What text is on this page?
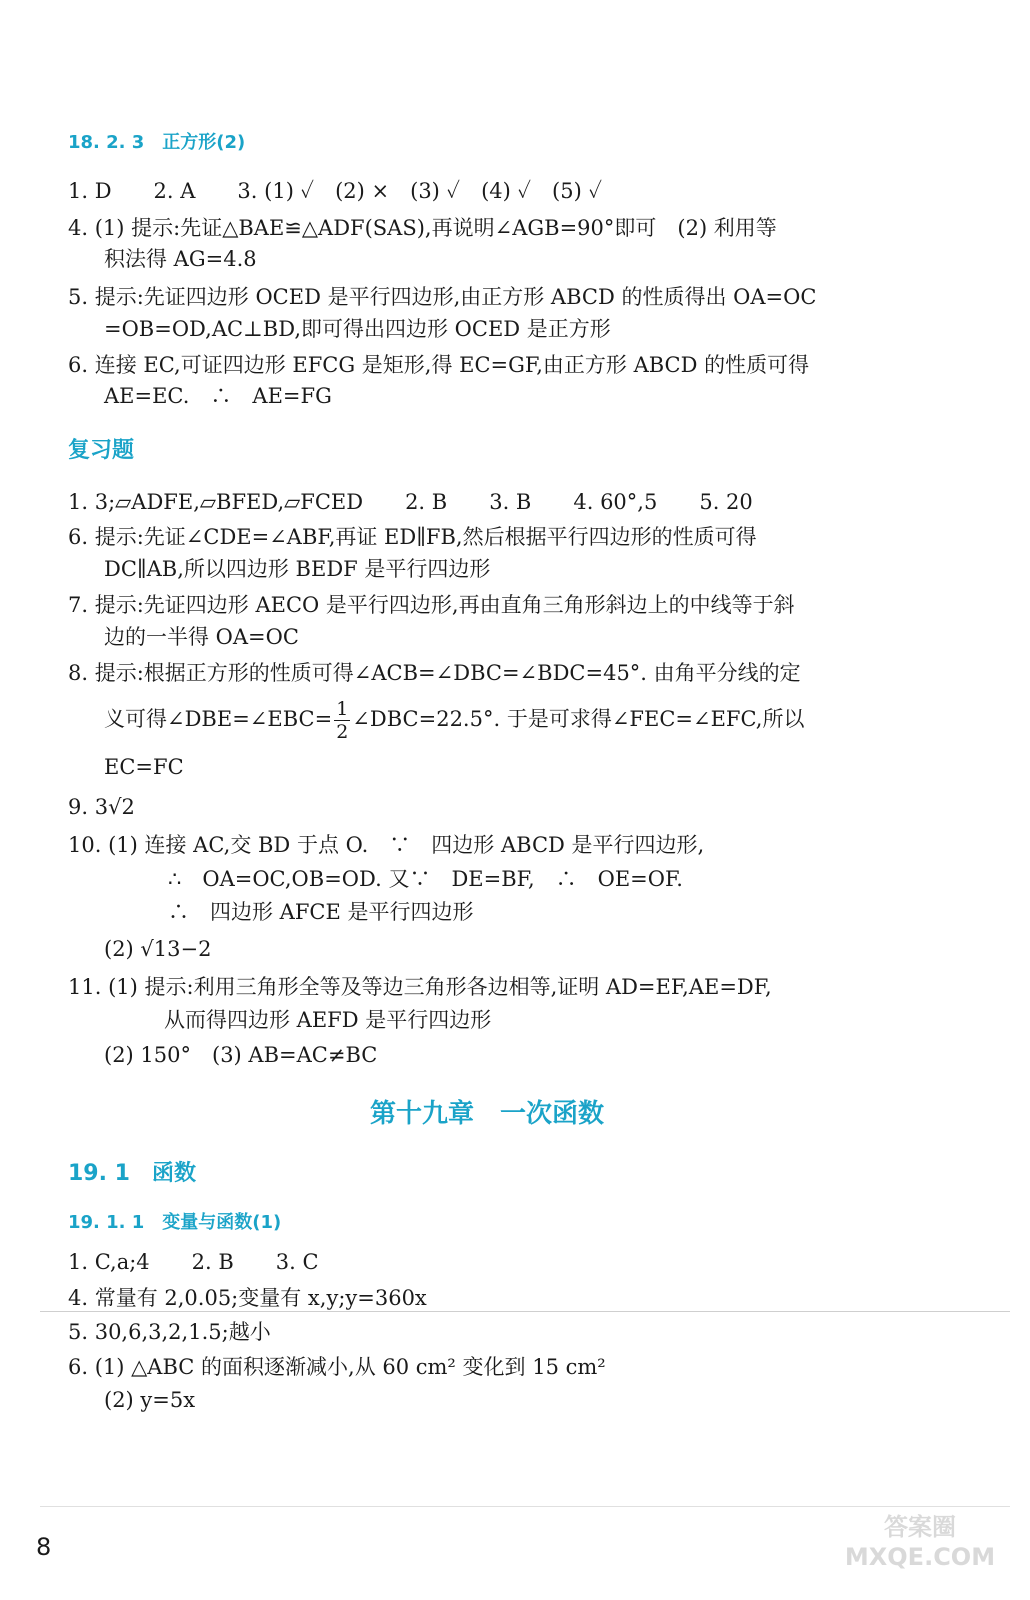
18. 2. 3　正方形(2)
1. D　　2. A　　3. (1) ✓　(2) ×　(3) ✓　(4) ✓　(5) ✓
4. (1) 提示:先证△BAE≌△ADF(SAS),再说明∠AGB=90°即可　(2) 利用等
积法得 AG=4.8
5. 提示:先证四边形 OCED 是平行四边形,由正方形 ABCD 的性质得出 OA=OC
=OB=OD,AC⊥BD,即可得出四边形 OCED 是正方形
6. 连接 EC,可证四边形 EFCG 是矩形,得 EC=GF,由正方形 ABCD 的性质可得
AE=EC.　∴　AE=FG
复习题
1. 3;▱ADFE,▱BFED,▱FCED　　2. B　　3. B　　4. 60°,5　　5. 20
6. 提示:先证∠CDE=∠ABF,再证 ED∥FB,然后根据平行四边形的性质可得
DC∥AB,所以四边形 BEDF 是平行四边形
7. 提示:先证四边形 AECO 是平行四边形,再由直角三角形斜边上的中线等于斜
边的一半得 OA=OC
8. 提示:根据正方形的性质可得∠ACB=∠DBC=∠BDC=45°. 由角平分线的定
义可得∠DBE=∠EBC= $\frac{1}{2}$ ∠DBC=22.5°. 于是可求得∠FEC=∠EFC,所以
EC=FC
9. 3√2
10. (1) 连接 AC,交 BD 于点 O.　∵　四边形 ABCD 是平行四边形,
∴　OA=OC,OB=OD. 又∵　DE=BF,　∴　OE=OF.
∴　四边形 AFCE 是平行四边形
(2) √13−2
11. (1) 提示:利用三角形全等及等边三角形各边相等,证明 AD=EF,AE=DF,
从而得四边形 AEFD 是平行四边形
(2) 150°　(3) AB=AC≠BC
第十九章　一次函数
19. 1　函数
19. 1. 1　变量与函数(1)
1. C,a;4　　2. B　　3. C
4. 常量有 2,0.05;变量有 x,y;y=360x
5. 30,6,3,2,1.5;越小
6. (1) △ABC 的面积逐渐减小,从 60 cm² 变化到 15 cm²
(2) y=5x
8
答案圈 MXQE.COM
